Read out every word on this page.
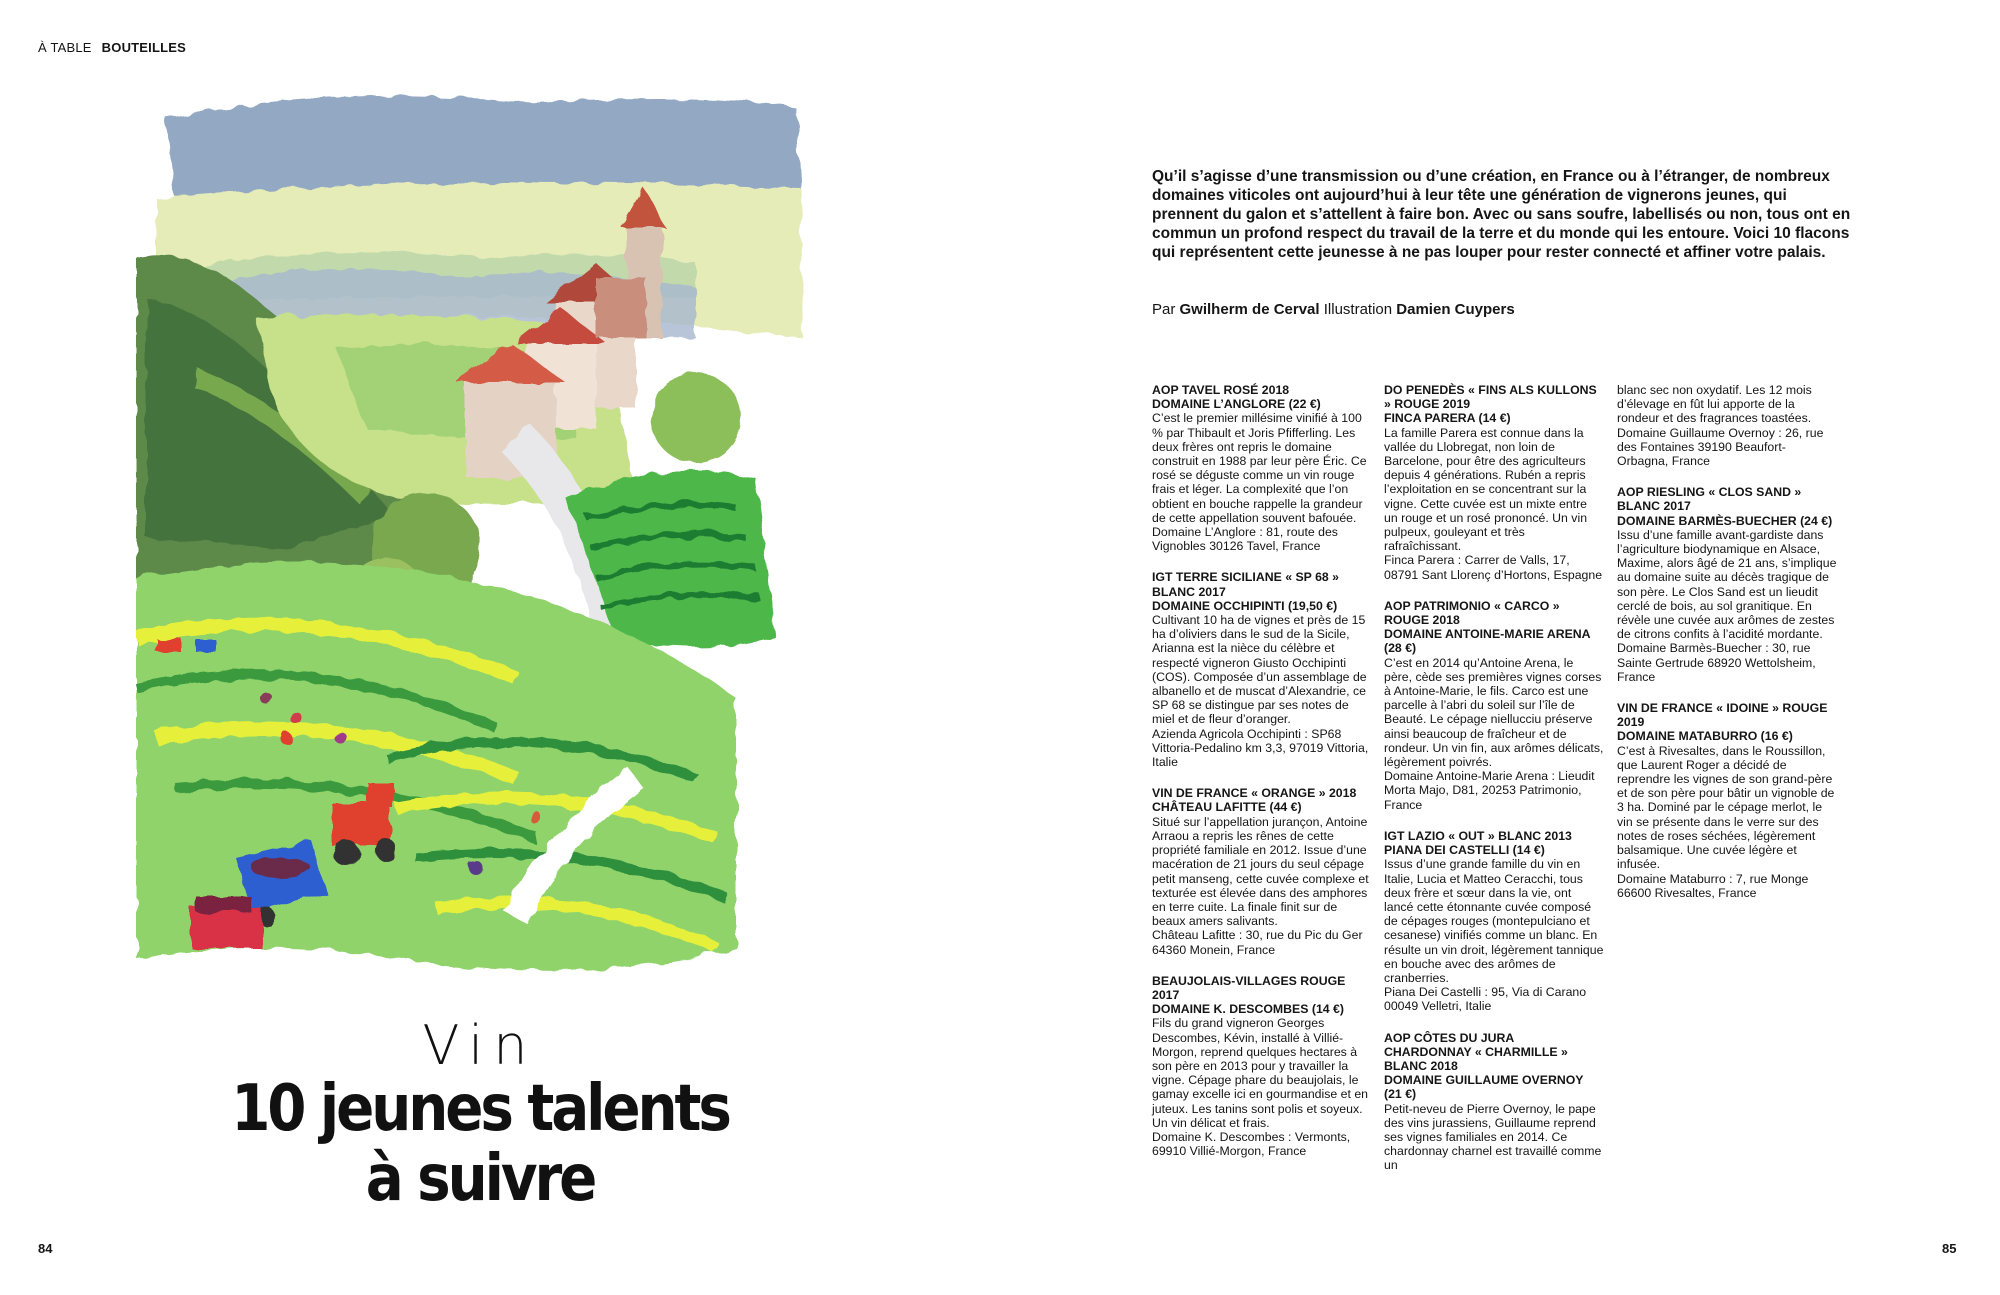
À TABLE BOUTEILLES
Vin
10 jeunes talents
à suivre
84	85

Qu’il s’agisse d’une transmission ou d’une création, en France ou à l’étranger, de nombreux domaines viticoles ont aujourd’hui à leur tête une génération de vignerons jeunes, qui prennent du galon et s’attellent à faire bon. Avec ou sans soufre, labellisés ou non, tous ont en commun un profond respect du travail de la terre et du monde qui les entoure. Voici 10 flacons qui représentent cette jeunesse à ne pas louper pour rester connecté et affiner votre palais.

Par Gwilherm de Cerval Illustration Damien Cuypers
AOP TAVEL ROSÉ 2018
DOMAINE L’ANGLORE (22 €)

C’est le premier millésime vinifié à 100 % par Thibault et Joris Pfifferling. Les deux frères ont repris le domaine construit en 1988 par leur père Éric. Ce rosé se déguste comme un vin rouge frais et léger. La complexité que l’on obtient en bouche rappelle la grandeur de cette appellation souvent bafouée.

Domaine L’Anglore : 81, route des Vignobles 30126 Tavel, France

IGT TERRE SICILIANE « SP 68 » BLANC 2017
DOMAINE OCCHIPINTI (19,50 €)

Cultivant 10 ha de vignes et près de 15 ha d’oliviers dans le sud de la Sicile, Arianna est la nièce du célèbre et respecté vigneron Giusto Occhipinti (COS). Composée d’un assemblage de albanello et de muscat d’Alexandrie, ce SP 68 se distingue par ses notes de miel et de fleur d’oranger.

Azienda Agricola Occhipinti : SP68 Vittoria-Pedalino km 3,3, 97019 Vittoria, Italie

VIN DE FRANCE « ORANGE » 2018
CHÂTEAU LAFITTE (44 €)

Situé sur l’appellation jurançon, Antoine Arraou a repris les rênes de cette propriété familiale en 2012. Issue d’une macération de 21 jours du seul cépage petit manseng, cette cuvée complexe et texturée est élevée dans des amphores en terre cuite. La finale finit sur de beaux amers salivants.

Château Lafitte : 30, rue du Pic du Ger 64360 Monein, France

BEAUJOLAIS-VILLAGES ROUGE 2017
DOMAINE K. DESCOMBES (14 €)

Fils du grand vigneron Georges Descombes, Kévin, installé à Villié-Morgon, reprend quelques hectares à son père en 2013 pour y travailler la vigne. Cépage phare du beaujolais, le gamay excelle ici en gourmandise et en juteux. Les tanins sont polis et soyeux. Un vin délicat et frais.

Domaine K. Descombes : Vermonts, 69910 Villié-Morgon, France

DO PENEDÈS « FINS ALS KULLONS » ROUGE 2019
FINCA PARERA (14 €)

La famille Parera est connue dans la vallée du Llobregat, non loin de Barcelone, pour être des agriculteurs depuis 4 générations. Rubén a repris l’exploitation en se concentrant sur la vigne. Cette cuvée est un mixte entre un rouge et un rosé prononcé. Un vin pulpeux, gouleyant et très rafraîchissant.

Finca Parera : Carrer de Valls, 17, 08791 Sant Llorenç d’Hortons, Espagne

AOP PATRIMONIO « CARCO » ROUGE 2018
DOMAINE ANTOINE-MARIE ARENA (28 €)

C’est en 2014 qu’Antoine Arena, le père, cède ses premières vignes corses à Antoine-Marie, le fils. Carco est une parcelle à l’abri du soleil sur l’île de Beauté. Le cépage niellucciu préserve ainsi beaucoup de fraîcheur et de rondeur. Un vin fin, aux arômes délicats, légèrement poivrés.

Domaine Antoine-Marie Arena : Lieudit Morta Majo, D81, 20253 Patrimonio, France

IGT LAZIO « OUT » BLANC 2013
PIANA DEI CASTELLI (14 €)

Issus d’une grande famille du vin en Italie, Lucia et Matteo Ceracchi, tous deux frère et sœur dans la vie, ont lancé cette étonnante cuvée composé de cépages rouges (montepulciano et cesanese) vinifiés comme un blanc. En résulte un vin droit, légèrement tannique en bouche avec des arômes de cranberries.

Piana Dei Castelli : 95, Via di Carano 00049 Velletri, Italie

AOP CÔTES DU JURA CHARDONNAY « CHARMILLE » BLANC 2018
DOMAINE GUILLAUME OVERNOY (21 €)

Petit-neveu de Pierre Overnoy, le pape des vins jurassiens, Guillaume reprend ses vignes familiales en 2014. Ce chardonnay charnel est travaillé comme un

blanc sec non oxydatif. Les 12 mois d’élevage en fût lui apporte de la rondeur et des fragrances toastées.

Domaine Guillaume Overnoy : 26, rue des Fontaines 39190 Beaufort-Orbagna, France

AOP RIESLING « CLOS SAND » BLANC 2017
DOMAINE BARMÈS-BUECHER (24 €)

Issu d’une famille avant-gardiste dans l’agriculture biodynamique en Alsace, Maxime, alors âgé de 21 ans, s’implique au domaine suite au décès tragique de son père. Le Clos Sand est un lieudit cerclé de bois, au sol granitique. En révèle une cuvée aux arômes de zestes de citrons confits à l’acidité mordante.

Domaine Barmès-Buecher : 30, rue Sainte Gertrude 68920 Wettolsheim, France

VIN DE FRANCE « IDOINE » ROUGE 2019
DOMAINE MATABURRO (16 €)

C’est à Rivesaltes, dans le Roussillon, que Laurent Roger a décidé de reprendre les vignes de son grand-père et de son père pour bâtir un vignoble de 3 ha. Dominé par le cépage merlot, le vin se présente dans le verre sur des notes de roses séchées, légèrement balsamique. Une cuvée légère et infusée.

Domaine Mataburro : 7, rue Monge 66600 Rivesaltes, France
